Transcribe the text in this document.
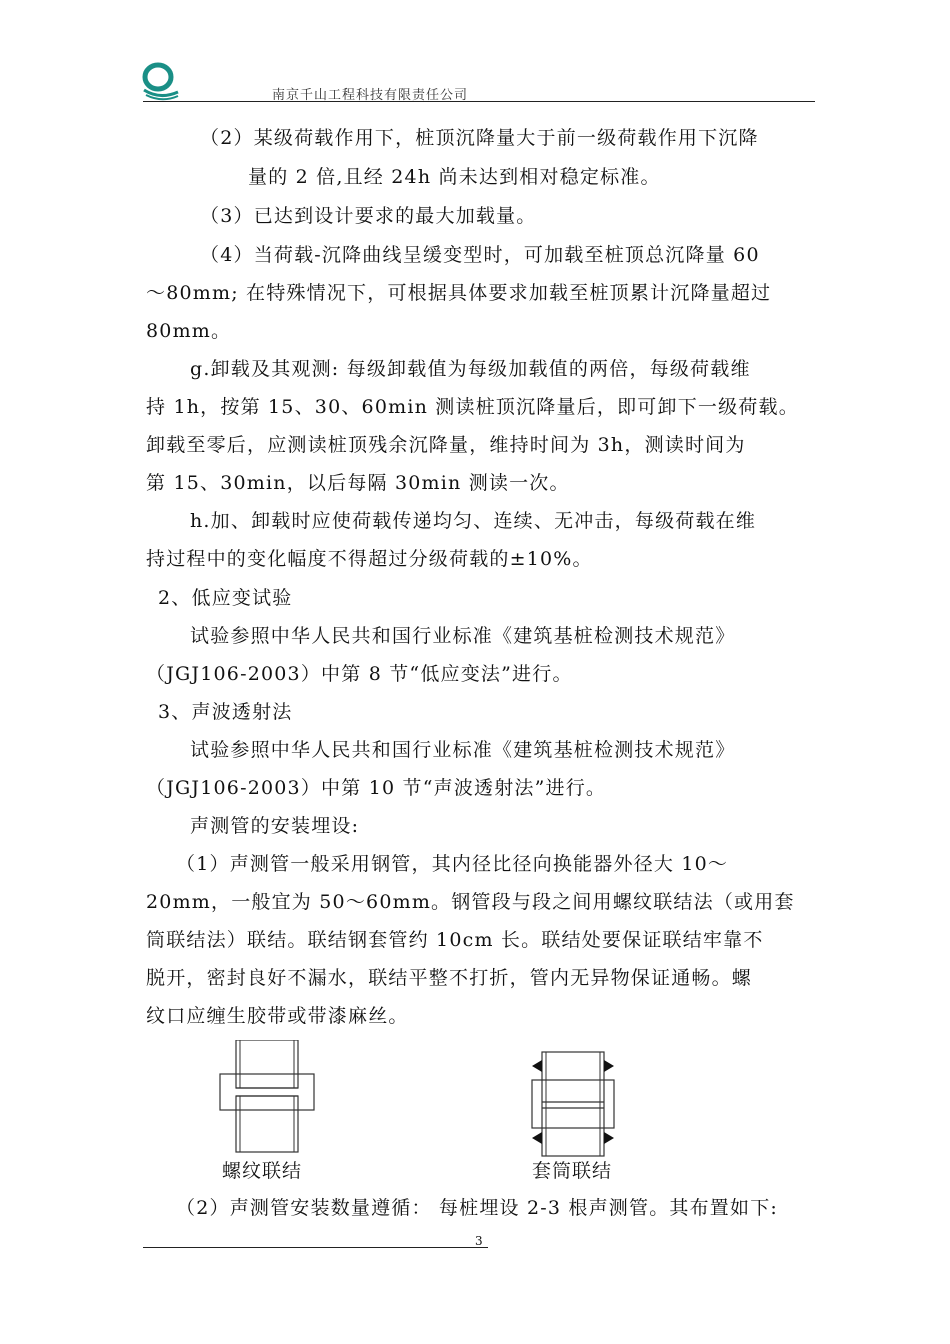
南京千山工程科技有限责任公司
（2）某级荷载作用下，桩顶沉降量大于前一级荷载作用下沉降
量的 2 倍,且经 24h 尚未达到相对稳定标准。
（3）已达到设计要求的最大加载量。
（4）当荷载-沉降曲线呈缓变型时，可加载至桩顶总沉降量 60
～80mm; 在特殊情况下，可根据具体要求加载至桩顶累计沉降量超过
80mm。
g.卸载及其观测: 每级卸载值为每级加载值的两倍，每级荷载维
持 1h，按第 15、30、60min 测读桩顶沉降量后，即可卸下一级荷载。
卸载至零后，应测读桩顶残余沉降量，维持时间为 3h，测读时间为
第 15、30min，以后每隔 30min 测读一次。
h.加、卸载时应使荷载传递均匀、连续、无冲击，每级荷载在维
持过程中的变化幅度不得超过分级荷载的±10%。
2、低应变试验
试验参照中华人民共和国行业标准《建筑基桩检测技术规范》
（JGJ106-2003）中第 8 节“低应变法”进行。
3、声波透射法
试验参照中华人民共和国行业标准《建筑基桩检测技术规范》
（JGJ106-2003）中第 10 节“声波透射法”进行。
声测管的安装埋设:
（1）声测管一般采用钢管，其内径比径向换能器外径大 10～
20mm，一般宜为 50～60mm。钢管段与段之间用螺纹联结法（或用套
筒联结法）联结。联结钢套管约 10cm 长。联结处要保证联结牢靠不
脱开，密封良好不漏水，联结平整不打折，管内无异物保证通畅。螺
纹口应缠生胶带或带漆麻丝。
螺纹联结	套筒联结
（2）声测管安装数量遵循： 每桩埋设 2-3 根声测管。其布置如下:
3
